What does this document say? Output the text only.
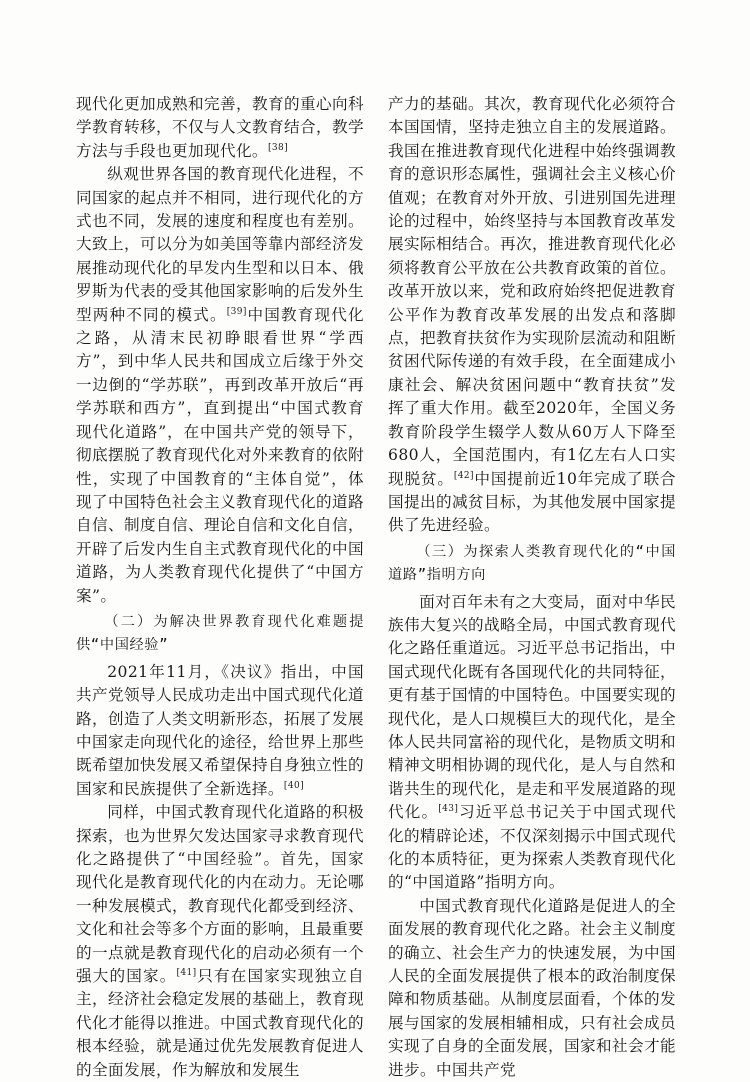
现代化更加成熟和完善，教育的重心向科学教育转移，不仅与人文教育结合，教学方法与手段也更加现代化。[38]

纵观世界各国的教育现代化进程，不同国家的起点并不相同，进行现代化的方式也不同，发展的速度和程度也有差别。大致上，可以分为如美国等靠内部经济发展推动现代化的早发内生型和以日本、俄罗斯为代表的受其他国家影响的后发外生型两种不同的模式。[39]中国教育现代化之路，从清末民初睁眼看世界“学西方”，到中华人民共和国成立后缘于外交一边倒的“学苏联”，再到改革开放后“再学苏联和西方”，直到提出“中国式教育现代化道路”，在中国共产党的领导下，彻底摆脱了教育现代化对外来教育的依附性，实现了中国教育的“主体自觉”，体现了中国特色社会主义教育现代化的道路自信、制度自信、理论自信和文化自信，开辟了后发内生自主式教育现代化的中国道路，为人类教育现代化提供了“中国方案”。

（二）为解决世界教育现代化难题提供“中国经验”

2021年11月，《决议》指出，中国共产党领导人民成功走出中国式现代化道路，创造了人类文明新形态，拓展了发展中国家走向现代化的途径，给世界上那些既希望加快发展又希望保持自身独立性的国家和民族提供了全新选择。[40]

同样，中国式教育现代化道路的积极探索，也为世界欠发达国家寻求教育现代化之路提供了“中国经验”。首先，国家现代化是教育现代化的内在动力。无论哪一种发展模式，教育现代化都受到经济、文化和社会等多个方面的影响，且最重要的一点就是教育现代化的启动必须有一个强大的国家。[41]只有在国家实现独立自主，经济社会稳定发展的基础上，教育现代化才能得以推进。中国式教育现代化的根本经验，就是通过优先发展教育促进人的全面发展，作为解放和发展生

产力的基础。其次，教育现代化必须符合本国国情，坚持走独立自主的发展道路。我国在推进教育现代化进程中始终强调教育的意识形态属性，强调社会主义核心价值观；在教育对外开放、引进别国先进理论的过程中，始终坚持与本国教育改革发展实际相结合。再次，推进教育现代化必须将教育公平放在公共教育政策的首位。改革开放以来，党和政府始终把促进教育公平作为教育改革发展的出发点和落脚点，把教育扶贫作为实现阶层流动和阻断贫困代际传递的有效手段，在全面建成小康社会、解决贫困问题中“教育扶贫”发挥了重大作用。截至2020年，全国义务教育阶段学生辍学人数从60万人下降至680人，全国范围内，有1亿左右人口实现脱贫。[42]中国提前近10年完成了联合国提出的减贫目标，为其他发展中国家提供了先进经验。

（三）为探索人类教育现代化的“中国道路”指明方向

面对百年未有之大变局，面对中华民族伟大复兴的战略全局，中国式教育现代化之路任重道远。习近平总书记指出，中国式现代化既有各国现代化的共同特征，更有基于国情的中国特色。中国要实现的现代化，是人口规模巨大的现代化，是全体人民共同富裕的现代化，是物质文明和精神文明相协调的现代化，是人与自然和谐共生的现代化，是走和平发展道路的现代化。[43]习近平总书记关于中国式现代化的精辟论述，不仅深刻揭示中国式现代化的本质特征，更为探索人类教育现代化的“中国道路”指明方向。

中国式教育现代化道路是促进人的全面发展的教育现代化之路。社会主义制度的确立、社会生产力的快速发展，为中国人民的全面发展提供了根本的政治制度保障和物质基础。从制度层面看，个体的发展与国家的发展相辅相成，只有社会成员实现了自身的全面发展，国家和社会才能进步。中国共产党
